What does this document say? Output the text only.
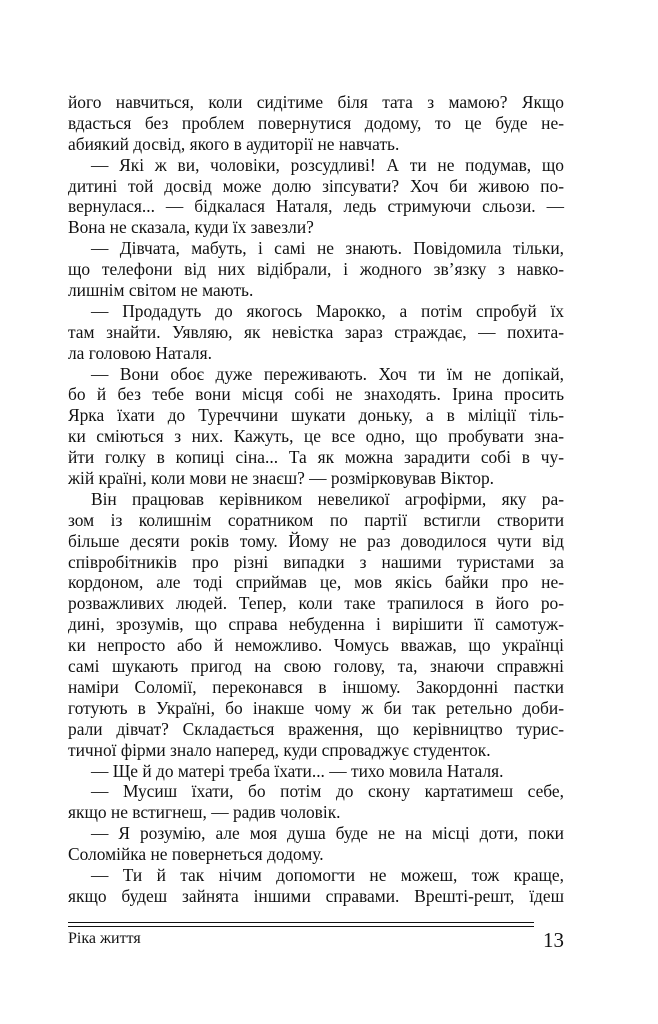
його навчиться, коли сидітиме біля тата з мамою? Якщо
вдасться без проблем повернутися додому, то це буде не-
абиякий досвід, якого в аудиторії не навчать.
— Які ж ви, чоловіки, розсудливі! А ти не подумав, що
дитині той досвід може долю зіпсувати? Хоч би живою по-
вернулася... — бідкалася Наталя, ледь стримуючи сльози. —
Вона не сказала, куди їх завезли?
— Дівчата, мабуть, і самі не знають. Повідомила тільки,
що телефони від них відібрали, і жодного зв’язку з навко-
лишнім світом не мають.
— Продадуть до якогось Марокко, а потім спробуй їх
там знайти. Уявляю, як невістка зараз страждає, — похита-
ла головою Наталя.
— Вони обоє дуже переживають. Хоч ти їм не допікай,
бо й без тебе вони місця собі не знаходять. Ірина просить
Ярка їхати до Туреччини шукати доньку, а в міліції тіль-
ки сміються з них. Кажуть, це все одно, що пробувати зна-
йти голку в копиці сіна... Та як можна зарадити собі в чу-
жій країні, коли мови не знаєш? — розмірковував Віктор.
Він працював керівником невеликої агрофірми, яку ра-
зом із колишнім соратником по партії встигли створити
більше десяти років тому. Йому не раз доводилося чути від
співробітників про різні випадки з нашими туристами за
кордоном, але тоді сприймав це, мов якісь байки про не-
розважливих людей. Тепер, коли таке трапилося в його ро-
дині, зрозумів, що справа небуденна і вирішити її самотуж-
ки непросто або й неможливо. Чомусь вважав, що українці
самі шукають пригод на свою голову, та, знаючи справжні
наміри Соломії, переконався в іншому. Закордонні пастки
готують в Україні, бо інакше чому ж би так ретельно доби-
рали дівчат? Складається враження, що керівництво турис-
тичної фірми знало наперед, куди спроваджує студенток.
— Ще й до матері треба їхати... — тихо мовила Наталя.
— Мусиш їхати, бо потім до скону картатимеш себе,
якщо не встигнеш, — радив чоловік.
— Я розумію, але моя душа буде не на місці доти, поки
Соломійка не повернеться додому.
— Ти й так нічим допомогти не можеш, тож краще,
якщо будеш зайнята іншими справами. Врешті-решт, їдеш
Ріка життя	13
